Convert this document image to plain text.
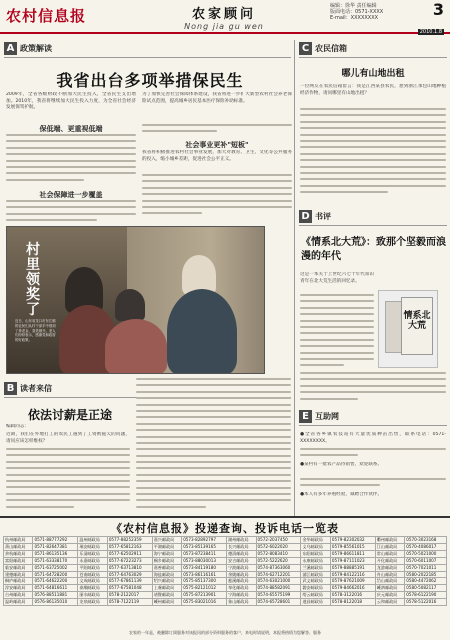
农村信息报	农家顾问
Nong jia gu wen
编辑：徐华 责任编辑
版面电话：0571-XXXX
E-mail：XXXXXXXX	3
2010.1.8
A 政策解读
我省出台多项举措保民生
2009年，全省各级财政不断加大民生投入，全省民生支出增加。2010年，我省将继续加大民生投入力度，为全省社会经济发展保驾护航。
保低端、更重视低端
社会保障进一步覆盖
为了加快完善社会保障体系建设，我省将进一步扩大新型农村社会养老保险试点范围，提高城乡居民基本医疗保险补助标准。
社会事业更补"短板"
我省将积极推进农村社会事业发展，加大对教育、卫生、文化等公共服务的投入，缩小城乡差距，促进社会公平正义。
村里领奖了
近日，山东省龙口市东江镇的农民们从村干部手中领到了养老金，喜笑颜开。老人们纷纷表示，感谢党和政府的好政策。
B 读者来信
依法讨薪是正途
编辑同志：
近期，我们在外地打工的农民工遇到了工资被拖欠的问题，请问应该怎样维权？
C 农民信箱
哪儿有山地出租
一位网友在农民信箱留言：我是江西某县农民，想到浙江承包山地种植经济作物，请问哪里有山地出租？
D 书评
《情系北大荒》：致那个坚毅而浪漫的年代
这是一本关于上世纪六七十年代知识青年在北大荒生活的回忆录。
情系北大荒
E 互助网
●全省各乡镇农技站有大量优质种苗出售，联系电话：0571-XXXXXXXX。
●某村有一批农产品待销售，欢迎联系。
●本人有多年养殖经验，诚聘合作伙伴。
《农村信息报》投递查询、投诉电话一览表
杭州邮政局	0571-88777292	温州邮政局	0577-88252359	嘉兴邮政局	0573-82892797	湖州邮政局	0572-2037450	金华邮政局	0579-82302032	衢州邮政局	0570-3023168
萧山邮政局	0571-82647381	瑞安邮政局	0577-65812163	平湖邮政局	0573-85139165	长兴邮政局	0572-6022020	义乌邮政局	0579-85561015	江山邮政局	0570-4086017
余杭邮政局	0571-86135136	乐清邮政局	0577-62502911	海宁邮政局	0573-87238411	德清邮政局	0572-8083410	东阳邮政局	0579-86611811	常山邮政局	0570-5021000
富阳邮政局	0571-63338170	永嘉邮政局	0577-67223273	桐乡邮政局	0573-88030013	安吉邮政局	0572-5222620	永康邮政局	0579-87111023	开化邮政局	0570-6011007
临安邮政局	0571-63725002	平阳邮政局	0577-63713810	嘉善邮政局	0573-84119180	宁波邮政局	0574-87363060	兰溪邮政局	0579-88885191	龙游邮政局	0570-7021011
建德邮政局	0571-64728200	苍南邮政局	0577-64763029	海盐邮政局	0573-86116161	余姚邮政局	0574-62712201	浦江邮政局	0579-84122116	舟山邮政局	0580-2022185
桐庐邮政局	0571-64622200	文成邮政局	0577-67861139	绍兴邮政局	0575-85137300	慈溪邮政局	0574-63021000	武义邮政局	0579-87621009	岱山邮政局	0580-4472062
淳安邮政局	0571-64816611	泰顺邮政局	0577-67581048	上虞邮政局	0575-82121012	奉化邮政局	0574-88582091	磐安邮政局	0579-84662016	嵊泗邮政局	0580-5082117
台州邮政局	0576-88511881	丽水邮政局	0578-2122017	诸暨邮政局	0575-87213901	宁海邮政局	0574-65575199	缙云邮政局	0578-3122016	庆元邮政局	0578-6122190
温岭邮政局	0576-86135010	龙泉邮政局	0578-7122119	嵊州邮政局	0575-83021016	象山邮政局	0574-65728601	遂昌邮政局	0578-8122018	云和邮政局	0578-5122016
农家的一年是，被删除订阅服务对该报讯的部分资料服务的客户，来电时请说明，本报将热情为您解答、服务
